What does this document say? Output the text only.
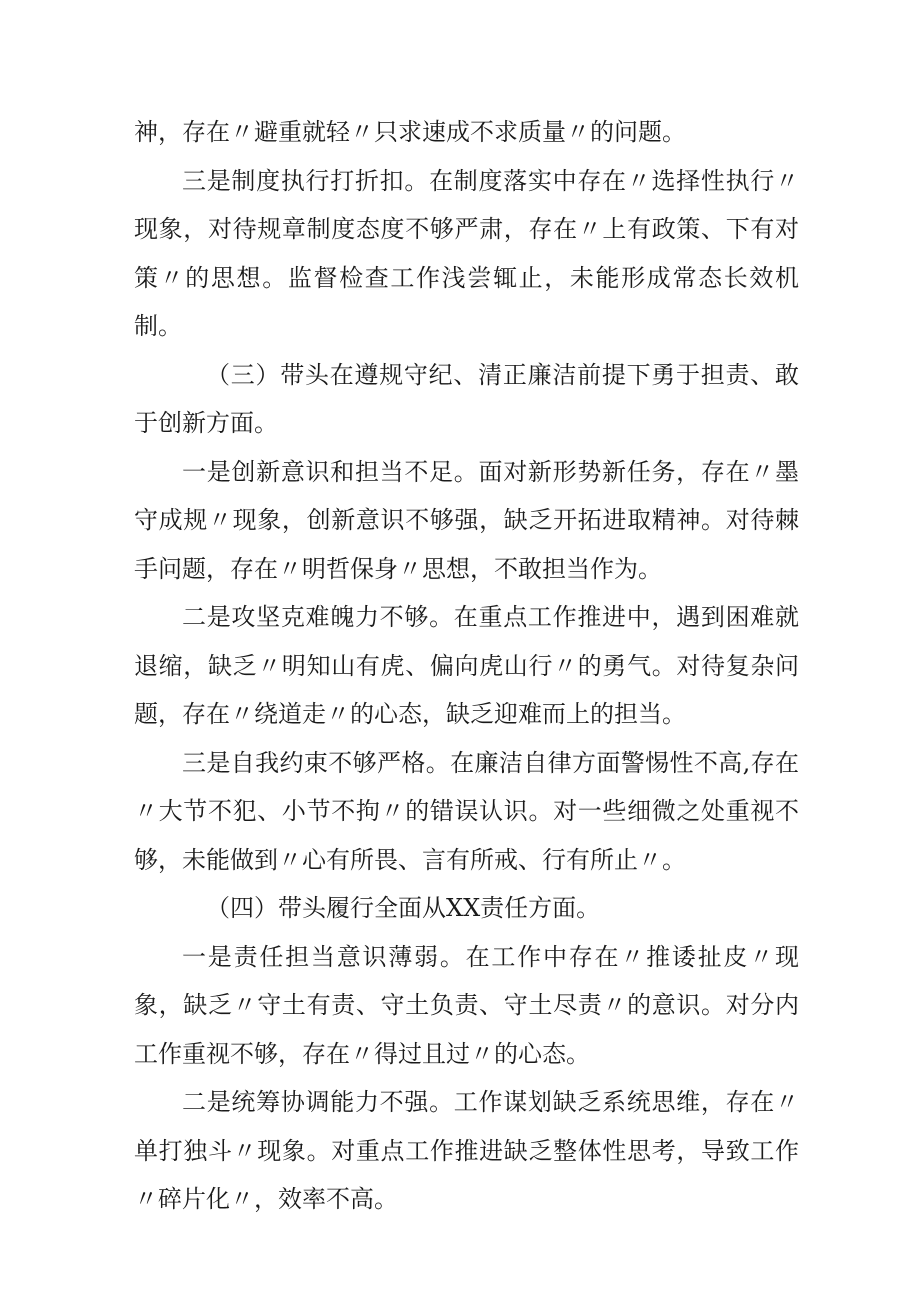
神，存在〃避重就轻〃只求速成不求质量〃的问题。

三是制度执行打折扣。在制度落实中存在〃选择性执行〃现象，对待规章制度态度不够严肃，存在〃上有政策、下有对策〃的思想。监督检查工作浅尝辄止，未能形成常态长效机制。

（三）带头在遵规守纪、清正廉洁前提下勇于担责、敢于创新方面。

一是创新意识和担当不足。面对新形势新任务，存在〃墨守成规〃现象，创新意识不够强，缺乏开拓进取精神。对待棘手问题，存在〃明哲保身〃思想，不敢担当作为。

二是攻坚克难魄力不够。在重点工作推进中，遇到困难就退缩，缺乏〃明知山有虎、偏向虎山行〃的勇气。对待复杂问题，存在〃绕道走〃的心态，缺乏迎难而上的担当。

三是自我约束不够严格。在廉洁自律方面警惕性不高,存在〃大节不犯、小节不拘〃的错误认识。对一些细微之处重视不够，未能做到〃心有所畏、言有所戒、行有所止〃。

（四）带头履行全面从XX责任方面。

一是责任担当意识薄弱。在工作中存在〃推诿扯皮〃现象，缺乏〃守土有责、守土负责、守土尽责〃的意识。对分内工作重视不够，存在〃得过且过〃的心态。

二是统筹协调能力不强。工作谋划缺乏系统思维，存在〃单打独斗〃现象。对重点工作推进缺乏整体性思考，导致工作〃碎片化〃，效率不高。
